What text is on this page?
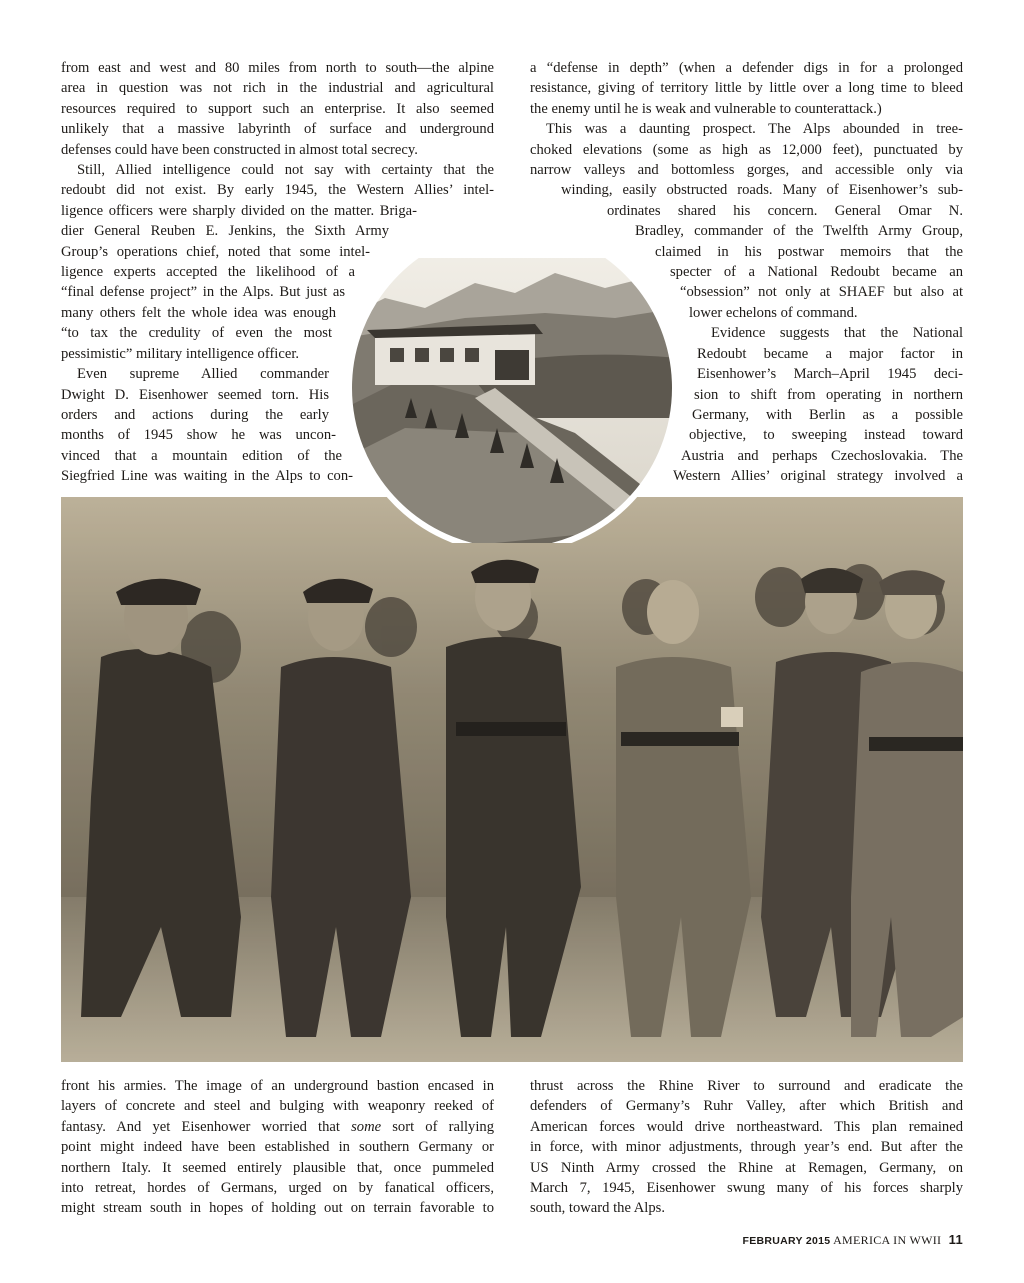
from east and west and 80 miles from north to south—the alpine
area in question was not rich in the industrial and agricultural
resources required to support such an enterprise. It also seemed
unlikely that a massive labyrinth of surface and underground
defenses could have been constructed in almost total secrecy.
Still, Allied intelligence could not say with certainty that the
redoubt did not exist. By early 1945, the Western Allies’ intel-
ligence officers were sharply divided on the matter. Briga-
dier General Reuben E. Jenkins, the Sixth Army
Group’s operations chief, noted that some intel-
ligence experts accepted the likelihood of a
“final defense project” in the Alps. But just as
many others felt the whole idea was enough
“to tax the credulity of even the most
pessimistic” military intelligence officer.
Even supreme Allied commander
Dwight D. Eisenhower seemed torn. His
orders and actions during the early
months of 1945 show he was uncon-
vinced that a mountain edition of the
Siegfried Line was waiting in the Alps to con-
a “defense in depth” (when a defender digs in for a prolonged
resistance, giving of territory little by little over a long time to bleed
the enemy until he is weak and vulnerable to counterattack.)
This was a daunting prospect. The Alps abounded in tree-
choked elevations (some as high as 12,000 feet), punctuated by
narrow valleys and bottomless gorges, and accessible only via
winding, easily obstructed roads. Many of Eisenhower’s sub-
ordinates shared his concern. General Omar N.
Bradley, commander of the Twelfth Army Group,
claimed in his postwar memoirs that the
specter of a National Redoubt became an
“obsession” not only at SHAEF but also at
lower echelons of command.
Evidence suggests that the National
Redoubt became a major factor in
Eisenhower’s March–April 1945 deci-
sion to shift from operating in northern
Germany, with Berlin as a possible
objective, to sweeping instead toward
Austria and perhaps Czechoslovakia. The
Western Allies’ original strategy involved a
front his armies. The image of an underground bastion encased in
layers of concrete and steel and bulging with weaponry reeked of
fantasy. And yet Eisenhower worried that some sort of rallying
point might indeed have been established in southern Germany or
northern Italy. It seemed entirely plausible that, once pummeled
into retreat, hordes of Germans, urged on by fanatical officers,
might stream south in hopes of holding out on terrain favorable to
thrust across the Rhine River to surround and eradicate the
defenders of Germany’s Ruhr Valley, after which British and
American forces would drive northeastward. This plan remained
in force, with minor adjustments, through year’s end. But after the
US Ninth Army crossed the Rhine at Remagen, Germany, on
March 7, 1945, Eisenhower swung many of his forces sharply
south, toward the Alps.
FEBRUARY 2015 AMERICA IN WWII 11
